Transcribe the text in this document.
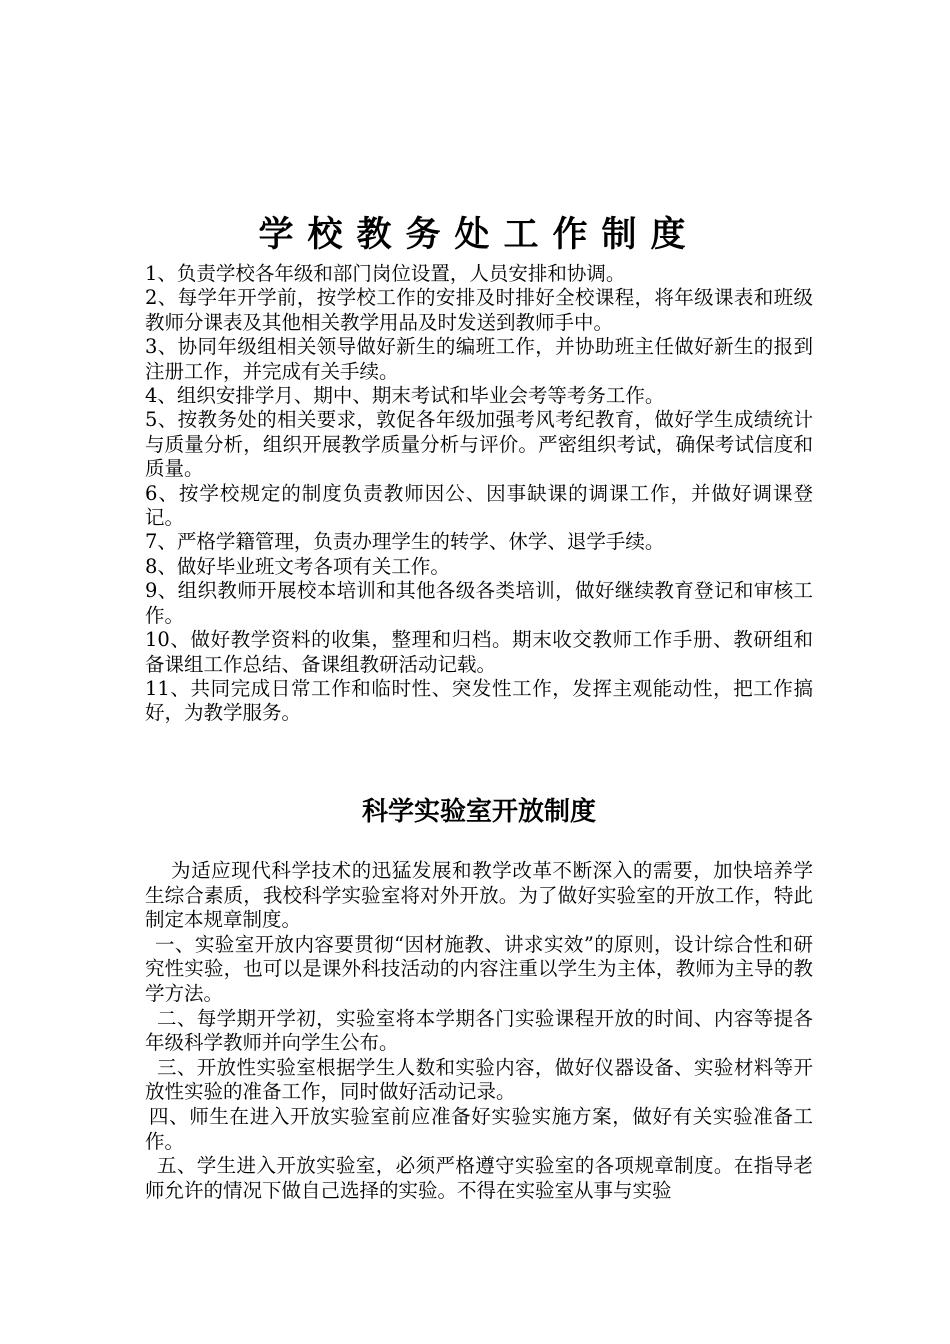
学校教务处工作制度

1、负责学校各年级和部门岗位设置，人员安排和协调。

2、每学年开学前，按学校工作的安排及时排好全校课程，将年级课表和班级教师分课表及其他相关教学用品及时发送到教师手中。

3、协同年级组相关领导做好新生的编班工作，并协助班主任做好新生的报到注册工作，并完成有关手续。

4、组织安排学月、期中、期末考试和毕业会考等考务工作。

5、按教务处的相关要求，敦促各年级加强考风考纪教育，做好学生成绩统计与质量分析，组织开展教学质量分析与评价。严密组织考试，确保考试信度和质量。

6、按学校规定的制度负责教师因公、因事缺课的调课工作，并做好调课登记。

7、严格学籍管理，负责办理学生的转学、休学、退学手续。

8、做好毕业班文考各项有关工作。

9、组织教师开展校本培训和其他各级各类培训，做好继续教育登记和审核工作。

10、做好教学资料的收集，整理和归档。期末收交教师工作手册、教研组和备课组工作总结、备课组教研活动记载。

11、共同完成日常工作和临时性、突发性工作，发挥主观能动性，把工作搞好，为教学服务。

科学实验室开放制度

为适应现代科学技术的迅猛发展和教学改革不断深入的需要，加快培养学生综合素质，我校科学实验室将对外开放。为了做好实验室的开放工作，特此制定本规章制度。

一、实验室开放内容要贯彻“因材施教、讲求实效”的原则，设计综合性和研究性实验，也可以是课外科技活动的内容注重以学生为主体，教师为主导的教学方法。

二、每学期开学初，实验室将本学期各门实验课程开放的时间、内容等提各年级科学教师并向学生公布。

三、开放性实验室根据学生人数和实验内容，做好仪器设备、实验材料等开放性实验的准备工作，同时做好活动记录。

四、师生在进入开放实验室前应准备好实验实施方案，做好有关实验准备工作。

五、学生进入开放实验室，必须严格遵守实验室的各项规章制度。在指导老师允许的情况下做自己选择的实验。不得在实验室从事与实验
